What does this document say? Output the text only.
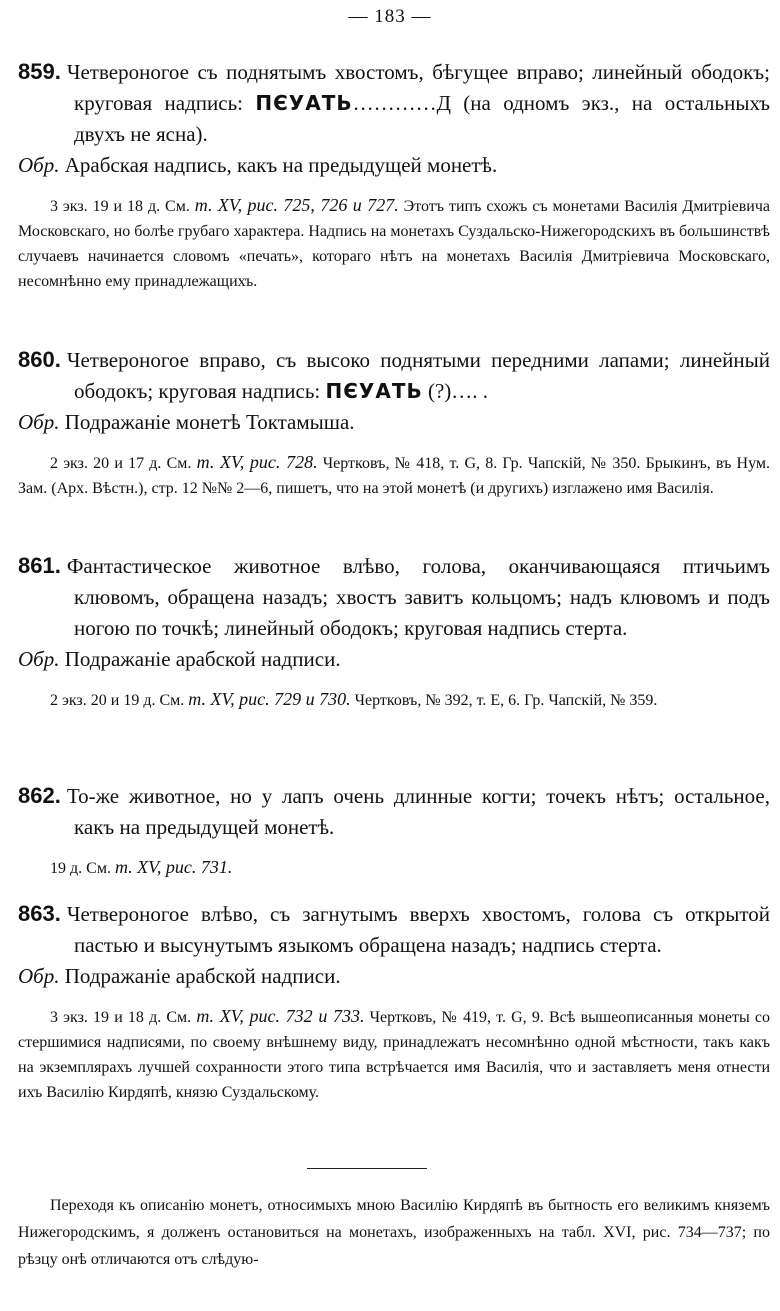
— 183 —
859. Четвероногое съ поднятымъ хвостомъ, бѣгущее вправо; линейный ободокъ; круговая надпись: ПЄУАТЬ…………Д (на одномъ экз., на остальныхъ двухъ не ясна).
Обр. Арабская надпись, какъ на предыдущей монетѣ.
3 экз. 19 и 18 д. См. т. XV, рис. 725, 726 и 727. Этотъ типъ схожъ съ монетами Василія Дмитріевича Московскаго, но болѣе грубаго характера. Надпись на монетахъ Суздальско-Нижегородскихъ въ большинствѣ случаевъ начинается словомъ «печать», котораго нѣтъ на монетахъ Василія Дмитріевича Московскаго, несомнѣнно ему принадлежащихъ.
860. Четвероногое вправо, съ высоко поднятыми передними лапами; линейный ободокъ; круговая надпись: ПЄУАТЬ (?)…. .
Обр. Подражаніе монетѣ Токтамыша.
2 экз. 20 и 17 д. См. т. XV, рис. 728. Чертковъ, № 418, т. G, 8. Гр. Чапскій, № 350. Брыкинъ, въ Нум. Зам. (Арх. Вѣстн.), стр. 12 №№ 2—6, пишетъ, что на этой монетѣ (и другихъ) изглажено имя Василія.
861. Фантастическое животное влѣво, голова, оканчивающаяся птичьимъ клювомъ, обращена назадъ; хвостъ завитъ кольцомъ; надъ клювомъ и подъ ногою по точкѣ; линейный ободокъ; круговая надпись стерта.
Обр. Подражаніе арабской надписи.
2 экз. 20 и 19 д. См. т. XV, рис. 729 и 730. Чертковъ, № 392, т. E, 6. Гр. Чапскій, № 359.
862. То-же животное, но у лапъ очень длинные когти; точекъ нѣтъ; остальное, какъ на предыдущей монетѣ.
19 д. См. т. XV, рис. 731.
863. Четвероногое влѣво, съ загнутымъ вверхъ хвостомъ, голова съ открытой пастью и высунутымъ языкомъ обращена назадъ; надпись стерта.
Обр. Подражаніе арабской надписи.
3 экз. 19 и 18 д. См. т. XV, рис. 732 и 733. Чертковъ, № 419, т. G, 9. Всѣ вышеописанныя монеты со стершимися надписями, по своему внѣшнему виду, принадлежатъ несомнѣнно одной мѣстности, такъ какъ на экземплярахъ лучшей сохранности этого типа встрѣчается имя Василія, что и заставляетъ меня отнести ихъ Василію Кирдяпѣ, князю Суздальскому.
Переходя къ описанію монетъ, относимыхъ мною Василію Кирдяпѣ въ бытность его великимъ княземъ Нижегородскимъ, я долженъ остановиться на монетахъ, изображенныхъ на табл. XVI, рис. 734—737; по рѣзцу онѣ отличаются отъ слѣдую-
